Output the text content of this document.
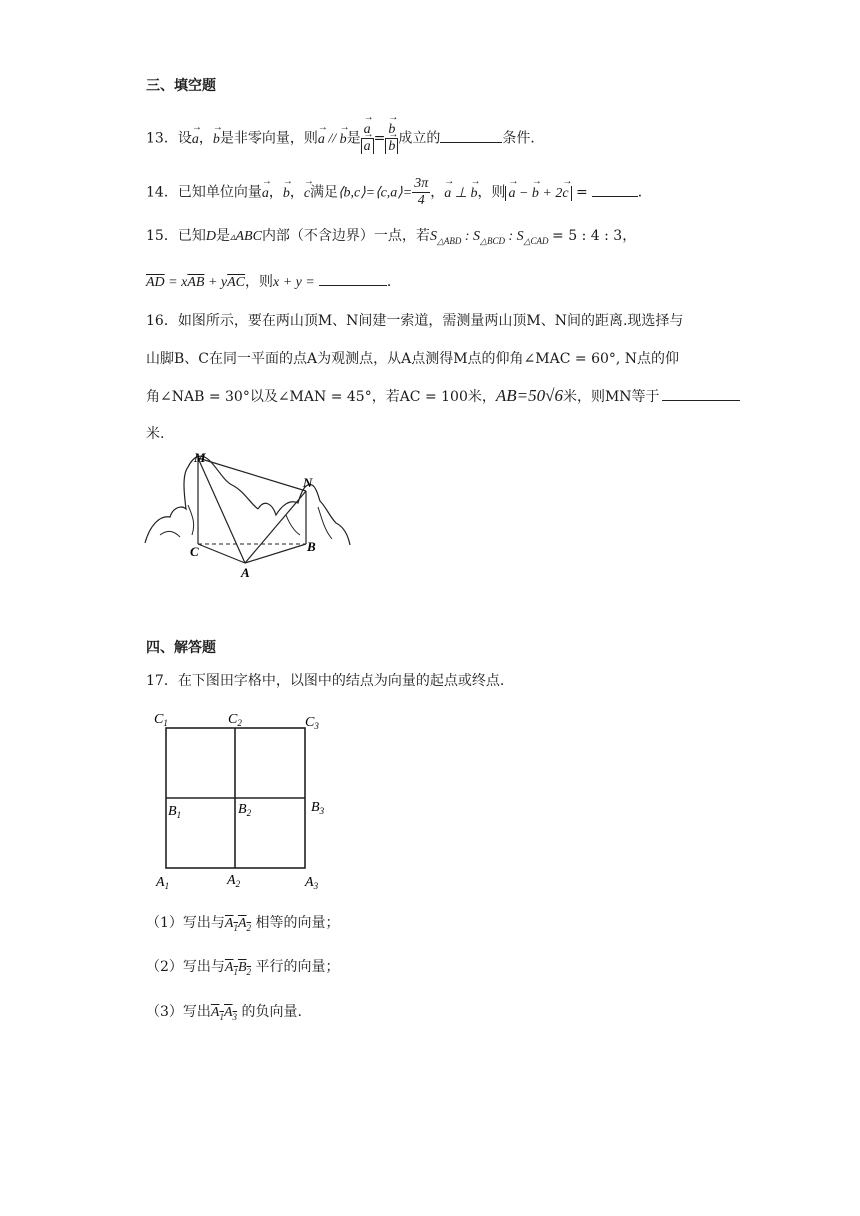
三、填空题
13．设→ a，→ b是非零向量，则→ a // → b是 → a
→ a = → b
→ b 成立的	条件．
14．已知单位向量→ a，→ b，→ c满足⟨b,c⟩=⟨c,a⟩= $\frac{3\pi}{4}$ ，→ a ⊥ → b，则 → a − → b + 2→ c =	．
15．已知D是▵ABC内部（不含边界）一点，若$S_{\triangle ABD}$ : $S_{\triangle BCD}$ : $S_{\triangle CAD} = 5$ : 4 : 3，
$\overline{AD} = x\overline{AB} + y\overline{AC}$，则x + y =	．
16．如图所示，要在两山顶M、N间建一索道，需测量两山顶M、N间的距离.现选择与
山脚B、C在同一平面的点A为观测点，从A点测得M点的仰角∠MAC = 60°, N点的仰
角∠NAB = 30°以及∠MAN = 45°，若AC = 100米，AB=50√6米，则MN等于
米.
M
N
C	B
A
四、解答题
17．在下图田字格中，以图中的结点为向量的起点或终点.
$C_1$	$C_2$	$C_3$
$B_1$	$B_2$	$B_3$
$A_1$	$A_2$	$A_3$
（1）写出与$A_1A_2$ 相等的向量；
（2）写出与$A_1B_2$ 平行的向量；
（3）写出$A_1A_3$ 的负向量.
